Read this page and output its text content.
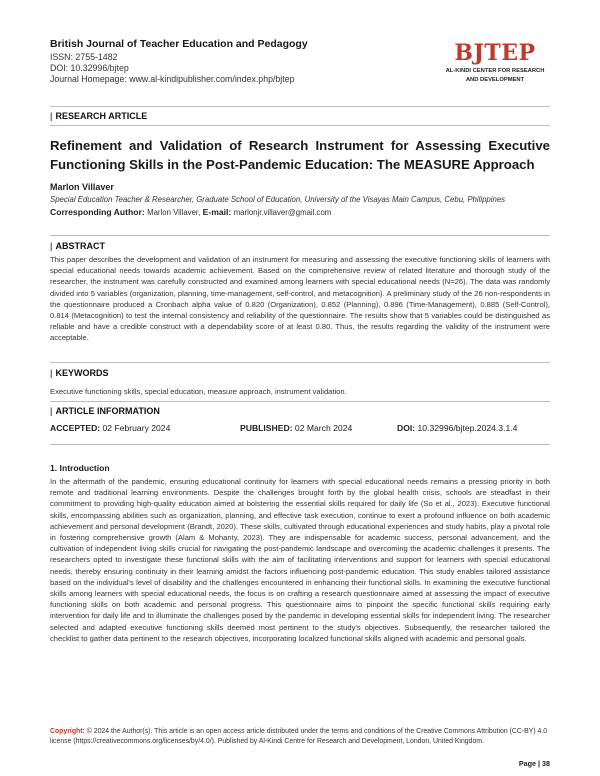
British Journal of Teacher Education and Pedagogy
ISSN: 2755-1482
DOI: 10.32996/bjtep
Journal Homepage: www.al-kindipublisher.com/index.php/bjtep
BJTEP
AL-KINDI CENTER FOR RESEARCH
AND DEVELOPMENT
| RESEARCH ARTICLE
Refinement and Validation of Research Instrument for Assessing Executive Functioning Skills in the Post-Pandemic Education: The MEASURE Approach
Marlon Villaver
Special Education Teacher & Researcher, Graduate School of Education, University of the Visayas Main Campus, Cebu, Philippines
Corresponding Author: Marlon Villaver, E-mail: marlonjr.villaver@gmail.com
| ABSTRACT
This paper describes the development and validation of an instrument for measuring and assessing the executive functioning skills of learners with special educational needs towards academic achievement. Based on the comprehensive review of related literature and thorough study of the researcher, the instrument was carefully constructed and examined among learners with special educational needs (N=26). The data was randomly divided into 5 variables (organization, planning, time-management, self-control, and metacognition). A preliminary study of the 26 non-respondents in the questionnaire produced a Cronbach alpha value of 0.820 (Organization), 0.852 (Planning), 0.896 (Time-Management), 0.885 (Self-Control), 0.814 (Metacognition) to test the internal consistency and reliability of the questionnaire. The results show that 5 variables could be distinguished as reliable and have a credible construct with a dependability score of at least 0.80. Thus, the results regarding the validity of the instrument were acceptable.
| KEYWORDS
Executive functioning skills, special education, measure approach, instrument validation.
| ARTICLE INFORMATION
ACCEPTED: 02 February 2024	PUBLISHED: 02 March 2024	DOI: 10.32996/bjtep.2024.3.1.4
1. Introduction
In the aftermath of the pandemic, ensuring educational continuity for learners with special educational needs remains a pressing priority in both remote and traditional learning environments. Despite the challenges brought forth by the global health crisis, schools are steadfast in their commitment to providing high-quality education aimed at bolstering the essential skills required for daily life (So et al., 2023). Executive functional skills, encompassing abilities such as organization, planning, and effective task execution, continue to exert a profound influence on both academic achievement and personal development (Brandt, 2020). These skills, cultivated through educational experiences and study habits, play a pivotal role in fostering comprehensive growth (Alam & Mohanty, 2023). They are indispensable for academic success, personal advancement, and the cultivation of independent living skills crucial for navigating the post-pandemic landscape and overcoming the academic challenges it presents. The researchers opted to investigate these functional skills with the aim of facilitating interventions and support for learners with special educational needs, thereby ensuring continuity in their learning amidst the factors influencing post-pandemic education. This study enables tailored assistance based on the individual's level of disability and the challenges encountered in enhancing their functional skills. In examining the executive functional skills among learners with special educational needs, the focus is on crafting a research questionnaire aimed at assessing the impact of executive functioning skills on both academic and personal progress. This questionnaire aims to pinpoint the specific functional skills requiring early intervention for daily life and to illuminate the challenges posed by the pandemic in developing essential skills for independent living. The researcher selected and adapted executive functioning skills deemed most pertinent to the study's objectives. Subsequently, the researcher tailored the checklist to gather data pertinent to the research objectives, incorporating localized functional skills aligned with academic and personal goals.
Copyright: © 2024 the Author(s). This article is an open access article distributed under the terms and conditions of the Creative Commons Attribution (CC-BY) 4.0 license (https://creativecommons.org/licenses/by/4.0/). Published by Al-Kindi Centre for Research and Development, London, United Kingdom.
Page | 38
